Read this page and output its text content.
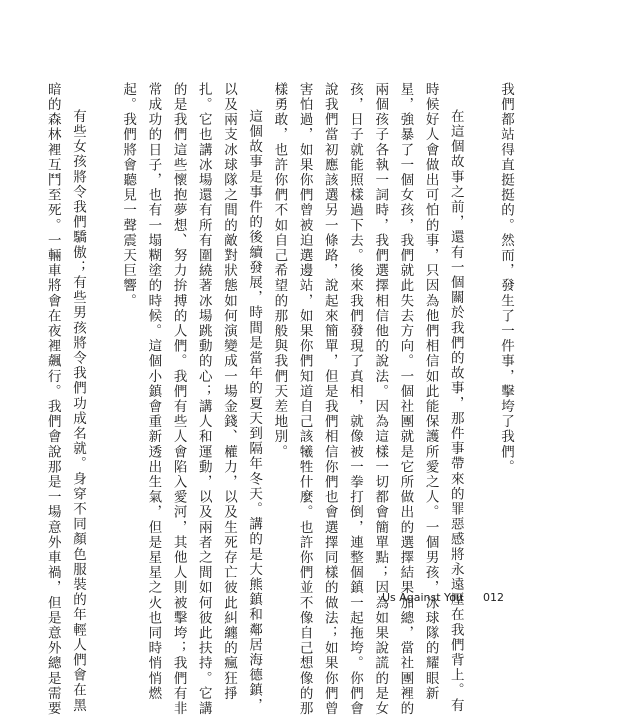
我們都站得直挺挺的。然而，發生了一件事，擊垮了我們。

在這個故事之前，還有一個關於我們的故事，那件事帶來的罪惡感將永遠壓在我們背上。有

時候好人會做出可怕的事，只因為他們相信如此能保護所愛之人。一個男孩，冰球隊的耀眼新

星，強暴了一個女孩，我們就此失去方向。一個社團就是它所做出的選擇結果加總，當社團裡的

兩個孩子各執一詞時，我們選擇相信他的說法。因為這樣一切都會簡單點；因為如果說謊的是女

孩，日子就能照樣過下去。後來我們發現了真相，就像被一拳打倒，連整個鎮一起拖垮。你們會

說我們當初應該選另一條路，說起來簡單，但是我們相信你們也會選擇同樣的做法；如果你們曾

害怕過，如果你們曾被迫選邊站，如果你們知道自己該犧牲什麼。也許你們並不像自己想像的那

樣勇敢，也許你們不如自己希望的那般與我們天差地別。

這個故事是事件的後續發展，時間是當年的夏天到隔年冬天。講的是大熊鎮和鄰居海德鎮，

以及兩支冰球隊之間的敵對狀態如何演變成一場金錢、權力，以及生死存亡彼此糾纏的瘋狂掙

扎。它也講冰場還有所有圍繞著冰場跳動的心；講人和運動，以及兩者之間如何彼此扶持。它講

的是我們這些懷抱夢想、努力拚搏的人們。我們有些人會陷入愛河，其他人則被擊垮；我們有非

常成功的日子，也有一塌糊塗的時候。這個小鎮會重新透出生氣，但是星星之火也同時悄悄燃

起。我們將會聽見一聲震天巨響。

有些女孩將令我們驕傲；有些男孩將令我們功成名就。身穿不同顏色服裝的年輕人們會在黑

暗的森林裡互鬥至死。一輛車將會在夜裡飆行。我們會說那是一場意外車禍，但是意外總是需要	Us Against You 012
